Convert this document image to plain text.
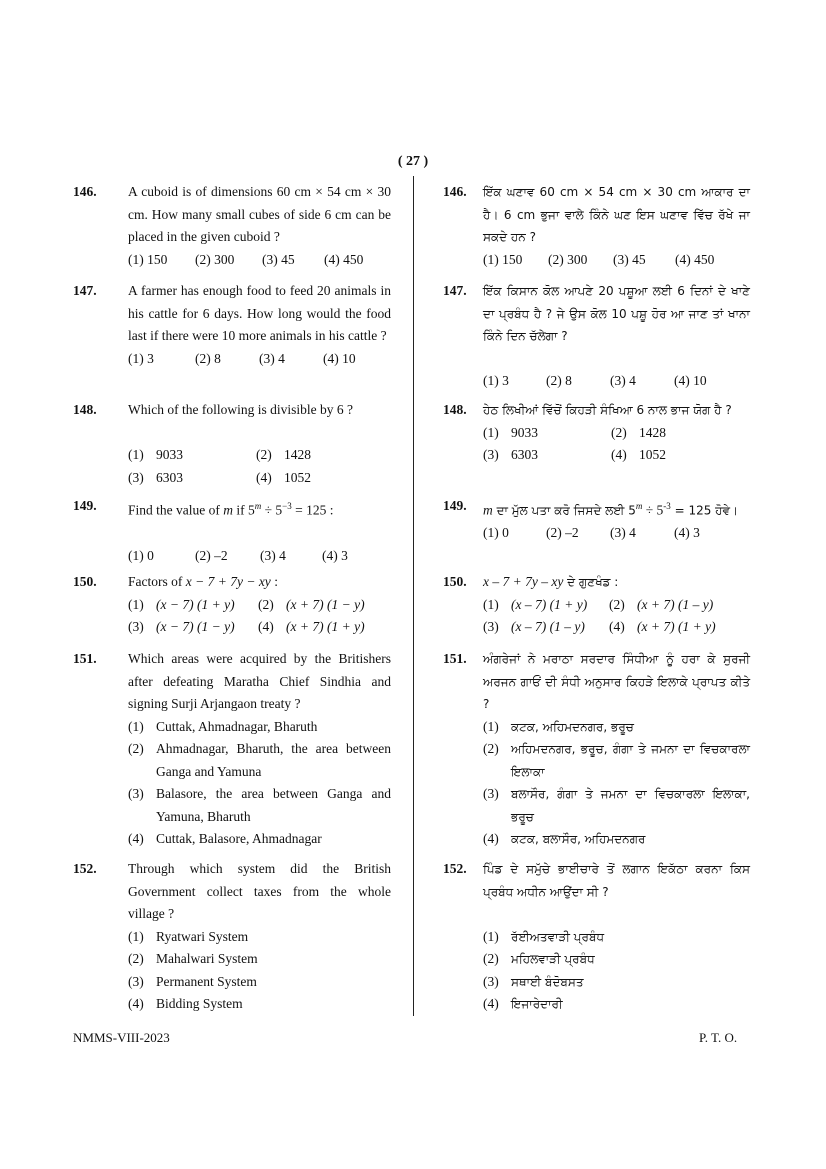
( 27 )
146. A cuboid is of dimensions 60 cm × 54 cm × 30 cm. How many small cubes of side 6 cm can be placed in the given cuboid ?
(1) 150 (2) 300 (3) 45 (4) 450
147. A farmer has enough food to feed 20 animals in his cattle for 6 days. How long would the food last if there were 10 more animals in his cattle ?
(1) 3	(2) 8	(3) 4	(4) 10
148. Which of the following is divisible by 6 ?
(1) 9033	(2) 1428
(3) 6303	(4) 1052
149. Find the value of m if $5^m \div 5^{-3} = 125$ :
(1) 0	(2) –2 (3) 4	(4) 3
150. Factors of x − 7 + 7y − xy :
(1) (x − 7) (1 + y) (2) (x + 7) (1 − y)
(3) (x − 7) (1 − y) (4) (x + 7) (1 + y)
151. Which areas were acquired by the Britishers after defeating Maratha Chief Sindhia and signing Surji Arjangaon treaty ?
(1) Cuttak, Ahmadnagar, Bharuth
(2) Ahmadnagar, Bharuth, the area between Ganga and Yamuna
(3) Balasore, the area between Ganga and Yamuna, Bharuth
(4) Cuttak, Balasore, Ahmadnagar
152. Through which system did the British Government collect taxes from the whole village ?
(1) Ryatwari System
(2) Mahalwari System
(3) Permanent System
(4) Bidding System
146. ਇੱਕ ਘਣਾਵ 60 cm × 54 cm × 30 cm ਆਕਾਰ ਦਾ ਹੈ। 6 cm ਭੁਜਾ ਵਾਲੇ ਕਿੰਨੇ ਘਣ ਇਸ ਘਣਾਵ ਵਿੱਚ ਰੱਖੇ ਜਾ ਸਕਦੇ ਹਨ ?
(1) 150 (2) 300 (3) 45 (4) 450
147. ਇੱਕ ਕਿਸਾਨ ਕੋਲ ਆਪਣੇ 20 ਪਸ਼ੂਆ ਲਈ 6 ਦਿਨਾਂ ਦੇ ਖਾਣੇ ਦਾ ਪ੍ਰਬੰਧ ਹੈ ? ਜੇ ਉਸ ਕੋਲ 10 ਪਸ਼ੂ ਹੋਰ ਆ ਜਾਣ ਤਾਂ ਖਾਨਾ ਕਿੰਨੇ ਦਿਨ ਚੱਲੇਗਾ ?
(1) 3	(2) 8	(3) 4	(4) 10
148. ਹੇਠ ਲਿਖੀਆਂ ਵਿੱਚੋਂ ਕਿਹੜੀ ਸੰਖਿਆ 6 ਨਾਲ ਭਾਜ ਯੋਗ ਹੈ ?
(1) 9033	(2) 1428
(3) 6303	(4) 1052
149. m ਦਾ ਮੁੱਲ ਪਤਾ ਕਰੋ ਜਿਸਦੇ ਲਈ $5^m \div 5^{-3} = 125$ ਹੋਵੇ।
(1) 0	(2) –2 (3) 4	(4) 3
150. x – 7 + 7y – xy ਦੇ ਗੁਣਖੰਡ :
(1) (x – 7) (1 + y) (2) (x + 7) (1 – y)
(3) (x – 7) (1 – y) (4) (x + 7) (1 + y)
151. ਅੰਗਰੇਜਾਂ ਨੇ ਮਰਾਠਾ ਸਰਦਾਰ ਸਿੰਧੀਆ ਨੂੰ ਹਰਾ ਕੇ ਸੁਰਜੀ ਅਰਜਨ ਗਾਓਂ ਦੀ ਸੰਧੀ ਅਨੁਸਾਰ ਕਿਹੜੇ ਇਲਾਕੇ ਪ੍ਰਾਪਤ ਕੀਤੇ ?
(1)	ਕਟਕ, ਅਹਿਮਦਨਗਰ, ਭਰੂਚ
(2)	ਅਹਿਮਦਨਗਰ, ਭਰੂਚ, ਗੰਗਾ ਤੇ ਜਮਨਾ ਦਾ ਵਿਚਕਾਰਲਾ ਇਲਾਕਾ
(3)	ਬਲਾਸੌਰ, ਗੰਗਾ ਤੇ ਜਮਨਾ ਦਾ ਵਿਚਕਾਰਲਾ ਇਲਾਕਾ, ਭਰੂਚ
(4)	ਕਟਕ, ਬਲਾਸੌਰ, ਅਹਿਮਦਨਗਰ
152. ਪਿੰਡ ਦੇ ਸਮੁੱਚੇ ਭਾਈਚਾਰੇ ਤੋਂ ਲਗਾਨ ਇਕੱਠਾ ਕਰਨਾ ਕਿਸ ਪ੍ਰਬੰਧ ਅਧੀਨ ਆਉਂਦਾ ਸੀ ?
(1)	ਰੱਈਅਤਵਾੜੀ ਪ੍ਰਬੰਧ
(2)	ਮਹਿਲਵਾੜੀ ਪ੍ਰਬੰਧ
(3)	ਸਥਾਈ ਬੰਦੋਬਸਤ
(4)	ਇਜਾਰੇਦਾਰੀ
NMMS-VIII-2023	P. T. O.
